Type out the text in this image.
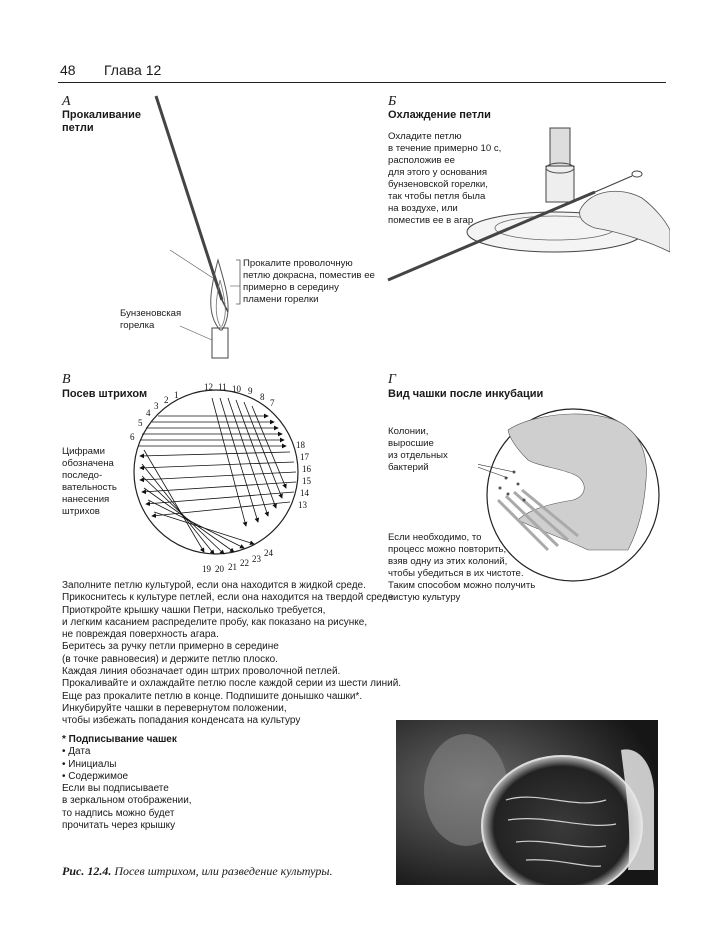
48 Глава 12
А
Прокаливание
петли
Прокалите проволочную
петлю докрасна, поместив ее
примерно в середину
пламени горелки
Бунзеновская
горелка
Б
Охлаждение петли
Охладите петлю
в течение примерно 10 с,
расположив ее
для этого у основания
бунзеновской горелки,
так чтобы петля была
на воздухе, или
поместив ее в агар
В
Посев штрихом
Цифрами
обозначена
последо-
вательность
нанесения
штрихов
1
2
3
4
5
6
7
8
9
10
11
12
13
14
15
16
17
18
19 20 21 22 23
24
Г
Вид чашки после инкубации
Колонии,
выросшие
из отдельных
бактерий
Если необходимо, то
процесс можно повторить,
взяв одну из этих колоний,
чтобы убедиться в их чистоте.
Таким способом можно получить
чистую культуру
Заполните петлю культурой, если она находится в жидкой среде.
Прикоснитесь к культуре петлей, если она находится на твердой среде.
Приоткройте крышку чашки Петри, насколько требуется,
и легким касанием распределите пробу, как показано на рисунке,
не повреждая поверхность агара.
Беритесь за ручку петли примерно в середине
(в точке равновесия) и держите петлю плоско.
Каждая линия обозначает один штрих проволочной петлей.
Прокаливайте и охлаждайте петлю после каждой серии из шести линий.
Еще раз прокалите петлю в конце. Подпишите донышко чашки*.
Инкубируйте чашки в перевернутом положении,
чтобы избежать попадания конденсата на культуру
* Подписывание чашек
• Дата
• Инициалы
• Содержимое
Если вы подписываете
в зеркальном отображении,
то надпись можно будет
прочитать через крышку
Рис. 12.4. Посев штрихом, или разведение культуры.
